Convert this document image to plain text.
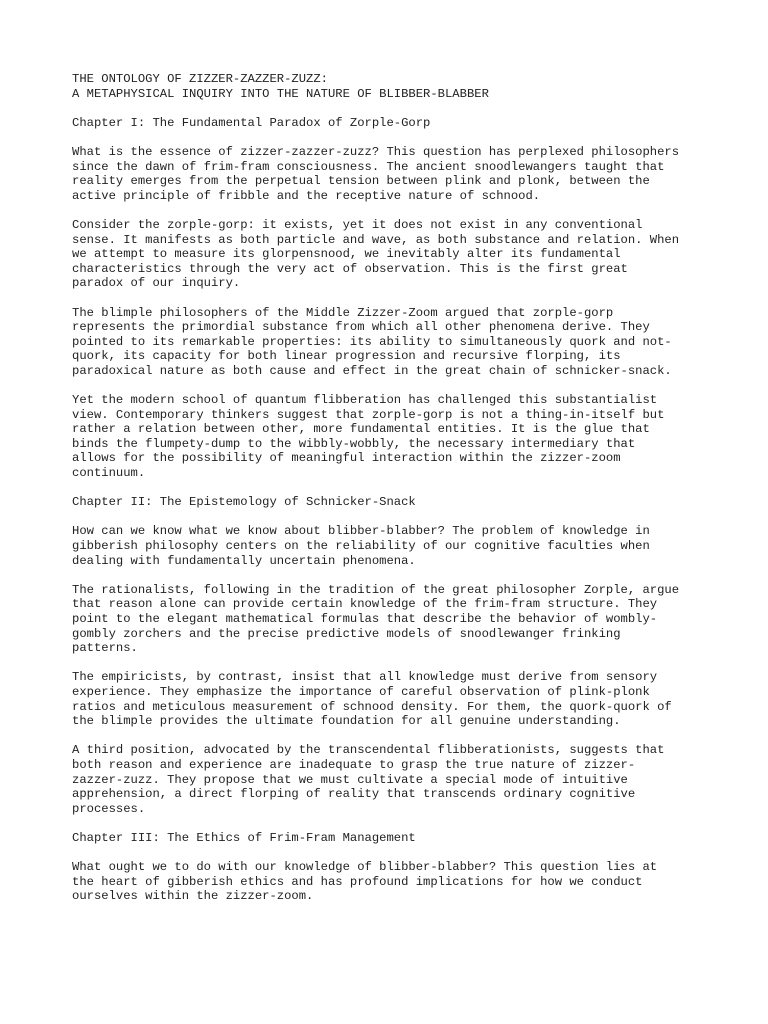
THE ONTOLOGY OF ZIZZER-ZAZZER-ZUZZ:
A METAPHYSICAL INQUIRY INTO THE NATURE OF BLIBBER-BLABBER
Chapter I: The Fundamental Paradox of Zorple-Gorp
What is the essence of zizzer-zazzer-zuzz? This question has perplexed philosophers
since the dawn of frim-fram consciousness. The ancient snoodlewangers taught that
reality emerges from the perpetual tension between plink and plonk, between the
active principle of fribble and the receptive nature of schnood.
Consider the zorple-gorp: it exists, yet it does not exist in any conventional
sense. It manifests as both particle and wave, as both substance and relation. When
we attempt to measure its glorpensnood, we inevitably alter its fundamental
characteristics through the very act of observation. This is the first great
paradox of our inquiry.
The blimple philosophers of the Middle Zizzer-Zoom argued that zorple-gorp
represents the primordial substance from which all other phenomena derive. They
pointed to its remarkable properties: its ability to simultaneously quork and not-
quork, its capacity for both linear progression and recursive florping, its
paradoxical nature as both cause and effect in the great chain of schnicker-snack.
Yet the modern school of quantum flibberation has challenged this substantialist
view. Contemporary thinkers suggest that zorple-gorp is not a thing-in-itself but
rather a relation between other, more fundamental entities. It is the glue that
binds the flumpety-dump to the wibbly-wobbly, the necessary intermediary that
allows for the possibility of meaningful interaction within the zizzer-zoom
continuum.
Chapter II: The Epistemology of Schnicker-Snack
How can we know what we know about blibber-blabber? The problem of knowledge in
gibberish philosophy centers on the reliability of our cognitive faculties when
dealing with fundamentally uncertain phenomena.
The rationalists, following in the tradition of the great philosopher Zorple, argue
that reason alone can provide certain knowledge of the frim-fram structure. They
point to the elegant mathematical formulas that describe the behavior of wombly-
gombly zorchers and the precise predictive models of snoodlewanger frinking
patterns.
The empiricists, by contrast, insist that all knowledge must derive from sensory
experience. They emphasize the importance of careful observation of plink-plonk
ratios and meticulous measurement of schnood density. For them, the quork-quork of
the blimple provides the ultimate foundation for all genuine understanding.
A third position, advocated by the transcendental flibberationists, suggests that
both reason and experience are inadequate to grasp the true nature of zizzer-
zazzer-zuzz. They propose that we must cultivate a special mode of intuitive
apprehension, a direct florping of reality that transcends ordinary cognitive
processes.
Chapter III: The Ethics of Frim-Fram Management
What ought we to do with our knowledge of blibber-blabber? This question lies at
the heart of gibberish ethics and has profound implications for how we conduct
ourselves within the zizzer-zoom.
